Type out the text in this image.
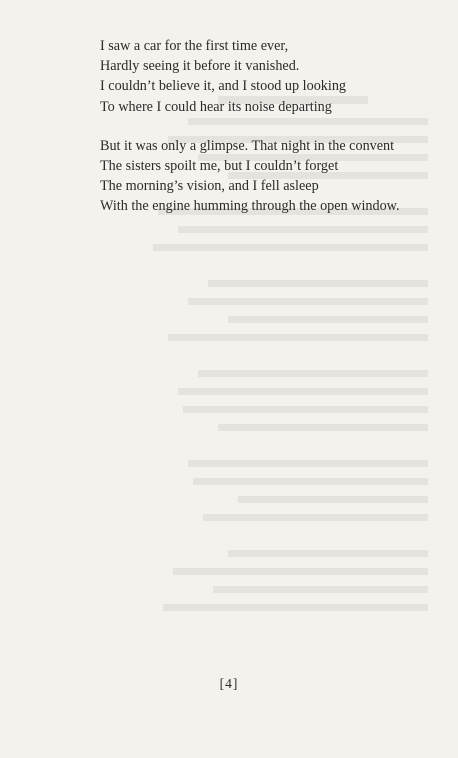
I saw a car for the first time ever,
Hardly seeing it before it vanished.
I couldn’t believe it, and I stood up looking
To where I could hear its noise departing

But it was only a glimpse. That night in the convent
The sisters spoilt me, but I couldn’t forget
The morning’s vision, and I fell asleep
With the engine humming through the open window.

[4]
